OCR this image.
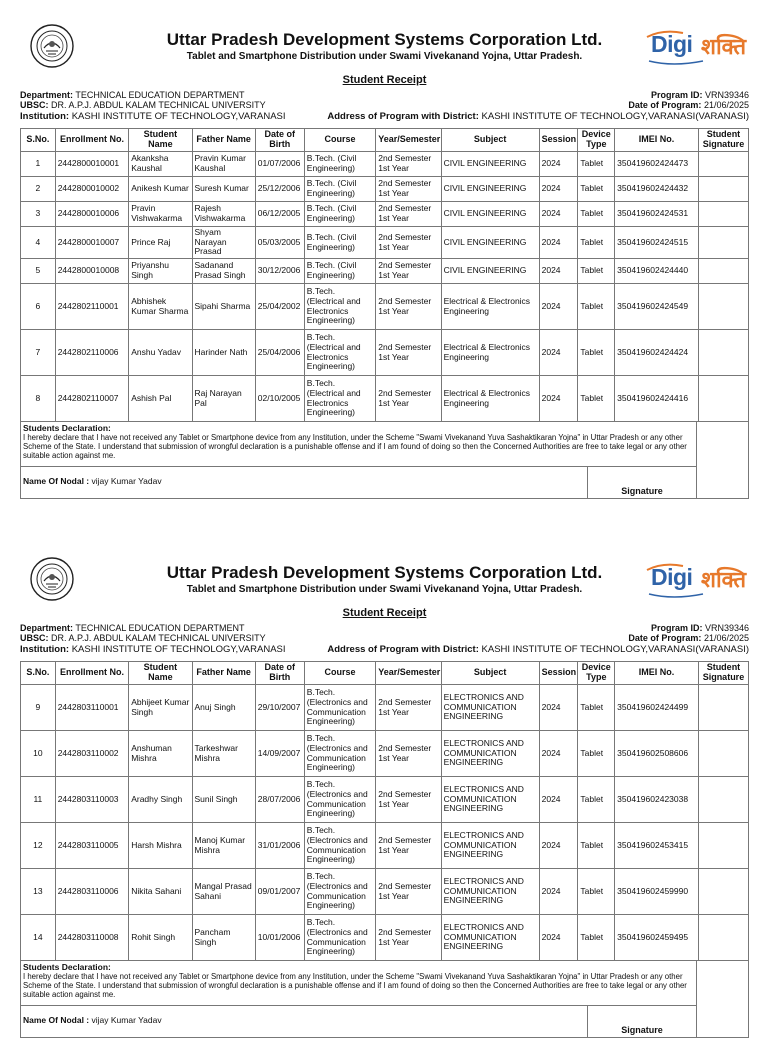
Uttar Pradesh Development Systems Corporation Ltd.
Tablet and Smartphone Distribution under Swami Vivekanand Yojna, Uttar Pradesh.	Digi शक्ति
Student Receipt
Department: TECHNICAL EDUCATION DEPARTMENT
UBSC: DR. A.P.J. ABDUL KALAM TECHNICAL UNIVERSITY
Institution: KASHI INSTITUTE OF TECHNOLOGY,VARANASI
Program ID: VRN39346
Date of Program: 21/06/2025
Address of Program with District: KASHI INSTITUTE OF TECHNOLOGY,VARANASI(VARANASI)
S.No.	Enrollment No.	Student Name	Father Name	Date of Birth	Course	Year/Semester	Subject	Session	Device Type	IMEI No.	Student Signature
1	2442800010001	Akanksha Kaushal	Pravin Kumar Kaushal	01/07/2006	B.Tech. (Civil Engineering)	2nd Semester 1st Year	CIVIL ENGINEERING	2024	Tablet	350419602424473	
2	2442800010002	Anikesh Kumar	Suresh Kumar	25/12/2006	B.Tech. (Civil Engineering)	2nd Semester 1st Year	CIVIL ENGINEERING	2024	Tablet	350419602424432	
3	2442800010006	Pravin Vishwakarma	Rajesh Vishwakarma	06/12/2005	B.Tech. (Civil Engineering)	2nd Semester 1st Year	CIVIL ENGINEERING	2024	Tablet	350419602424531	
4	2442800010007	Prince Raj	Shyam Narayan Prasad	05/03/2005	B.Tech. (Civil Engineering)	2nd Semester 1st Year	CIVIL ENGINEERING	2024	Tablet	350419602424515	
5	2442800010008	Priyanshu Singh	Sadanand Prasad Singh	30/12/2006	B.Tech. (Civil Engineering)	2nd Semester 1st Year	CIVIL ENGINEERING	2024	Tablet	350419602424440	
6	2442802110001	Abhishek Kumar Sharma	Sipahi Sharma	25/04/2002	B.Tech. (Electrical and Electronics Engineering)	2nd Semester 1st Year	Electrical & Electronics Engineering	2024	Tablet	350419602424549	
7	2442802110006	Anshu Yadav	Harinder Nath	25/04/2006	B.Tech. (Electrical and Electronics Engineering)	2nd Semester 1st Year	Electrical & Electronics Engineering	2024	Tablet	350419602424424	
8	2442802110007	Ashish Pal	Raj Narayan Pal	02/10/2005	B.Tech. (Electrical and Electronics Engineering)	2nd Semester 1st Year	Electrical & Electronics Engineering	2024	Tablet	350419602424416	
Students Declaration:
I hereby declare that I have not received any Tablet or Smartphone device from any Institution, under the Scheme "Swami Vivekanand Yuva Sashaktikaran Yojna" in Uttar Pradesh or any other Scheme of the State. I understand that submission of wrongful declaration is a punishable offense and if I am found of doing so then the Concerned Authorities are free to take legal or any other suitable action against me.
Name Of Nodal : vijay Kumar Yadav
Signature
Uttar Pradesh Development Systems Corporation Ltd.
Tablet and Smartphone Distribution under Swami Vivekanand Yojna, Uttar Pradesh.	Digi शक्ति
Student Receipt
Department: TECHNICAL EDUCATION DEPARTMENT
UBSC: DR. A.P.J. ABDUL KALAM TECHNICAL UNIVERSITY
Institution: KASHI INSTITUTE OF TECHNOLOGY,VARANASI
Program ID: VRN39346
Date of Program: 21/06/2025
Address of Program with District: KASHI INSTITUTE OF TECHNOLOGY,VARANASI(VARANASI)
S.No.	Enrollment No.	Student Name	Father Name	Date of Birth	Course	Year/Semester	Subject	Session	Device Type	IMEI No.	Student Signature
9	2442803110001	Abhijeet Kumar Singh	Anuj Singh	29/10/2007	B.Tech. (Electronics and Communication Engineering)	2nd Semester 1st Year	ELECTRONICS AND COMMUNICATION ENGINEERING	2024	Tablet	350419602424499	
10	2442803110002	Anshuman Mishra	Tarkeshwar Mishra	14/09/2007	B.Tech. (Electronics and Communication Engineering)	2nd Semester 1st Year	ELECTRONICS AND COMMUNICATION ENGINEERING	2024	Tablet	350419602508606	
11	2442803110003	Aradhy Singh	Sunil Singh	28/07/2006	B.Tech. (Electronics and Communication Engineering)	2nd Semester 1st Year	ELECTRONICS AND COMMUNICATION ENGINEERING	2024	Tablet	350419602423038	
12	2442803110005	Harsh Mishra	Manoj Kumar Mishra	31/01/2006	B.Tech. (Electronics and Communication Engineering)	2nd Semester 1st Year	ELECTRONICS AND COMMUNICATION ENGINEERING	2024	Tablet	350419602453415	
13	2442803110006	Nikita Sahani	Mangal Prasad Sahani	09/01/2007	B.Tech. (Electronics and Communication Engineering)	2nd Semester 1st Year	ELECTRONICS AND COMMUNICATION ENGINEERING	2024	Tablet	350419602459990	
14	2442803110008	Rohit Singh	Pancham Singh	10/01/2006	B.Tech. (Electronics and Communication Engineering)	2nd Semester 1st Year	ELECTRONICS AND COMMUNICATION ENGINEERING	2024	Tablet	350419602459495	
Students Declaration:
I hereby declare that I have not received any Tablet or Smartphone device from any Institution, under the Scheme "Swami Vivekanand Yuva Sashaktikaran Yojna" in Uttar Pradesh or any other Scheme of the State. I understand that submission of wrongful declaration is a punishable offense and if I am found of doing so then the Concerned Authorities are free to take legal or any other suitable action against me.
Name Of Nodal : vijay Kumar Yadav
Signature
